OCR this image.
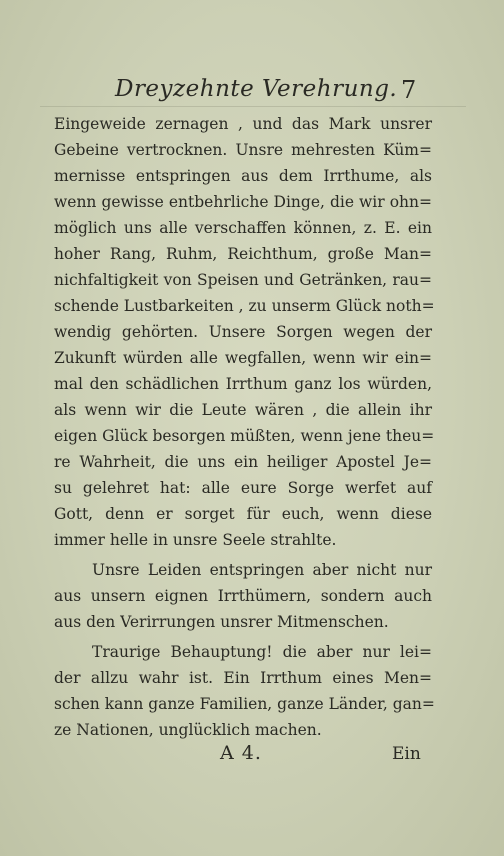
Dreyzehnte Verehrung. 7
Eingeweide zernagen , und das Mark unsrer
Gebeine vertrocknen. Unsre mehresten Küm=
mernisse entspringen aus dem Irrthume, als
wenn gewisse entbehrliche Dinge, die wir ohn=
möglich uns alle verschaffen können, z. E. ein
hoher Rang, Ruhm, Reichthum, große Man=
nichfaltigkeit von Speisen und Getränken, rau=
schende Lustbarkeiten , zu unserm Glück noth=
wendig gehörten. Unsere Sorgen wegen der
Zukunft würden alle wegfallen, wenn wir ein=
mal den schädlichen Irrthum ganz los würden,
als wenn wir die Leute wären , die allein ihr
eigen Glück besorgen müßten, wenn jene theu=
re Wahrheit, die uns ein heiliger Apostel Je=
su gelehret hat: alle eure Sorge werfet auf
Gott, denn er sorget für euch, wenn diese
immer helle in unsre Seele strahlte.
Unsre Leiden entspringen aber nicht nur
aus unsern eignen Irrthümern, sondern auch
aus den Verirrungen unsrer Mitmenschen.
Traurige Behauptung! die aber nur lei=
der allzu wahr ist. Ein Irrthum eines Men=
schen kann ganze Familien, ganze Länder, gan=
ze Nationen, unglücklich machen.
A 4.	Ein
